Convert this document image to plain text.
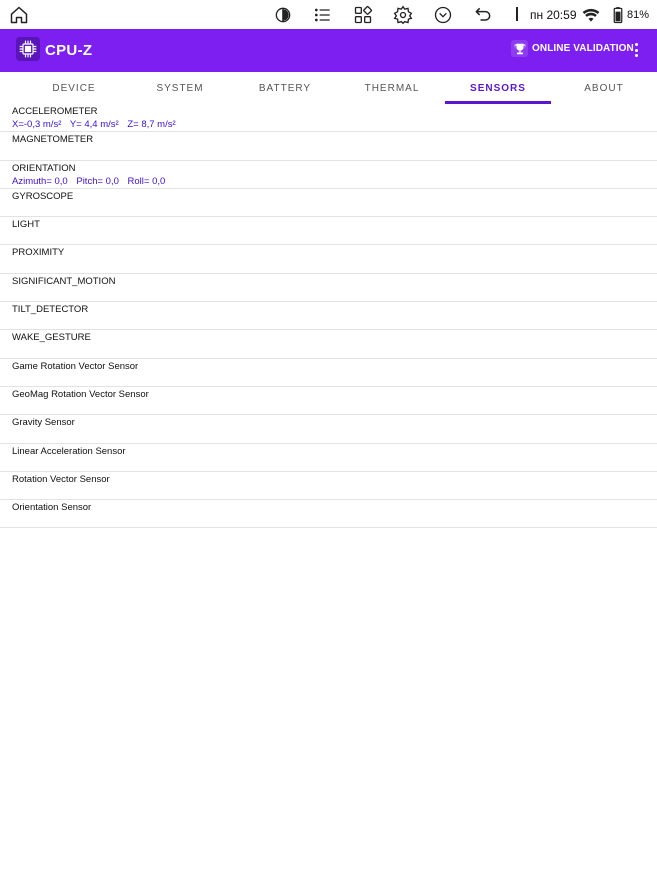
пн 20:59	81%
CPU-Z	ONLINE VALIDATION
DEVICE	SYSTEM	BATTERY	THERMAL	SENSORS	ABOUT
ACCELEROMETER
X=-0,3 m/s² Y= 4,4 m/s² Z= 8,7 m/s²
MAGNETOMETER
ORIENTATION
Azimuth= 0,0 Pitch= 0,0 Roll= 0,0
GYROSCOPE
LIGHT
PROXIMITY
SIGNIFICANT_MOTION
TILT_DETECTOR
WAKE_GESTURE
Game Rotation Vector Sensor
GeoMag Rotation Vector Sensor
Gravity Sensor
Linear Acceleration Sensor
Rotation Vector Sensor
Orientation Sensor
